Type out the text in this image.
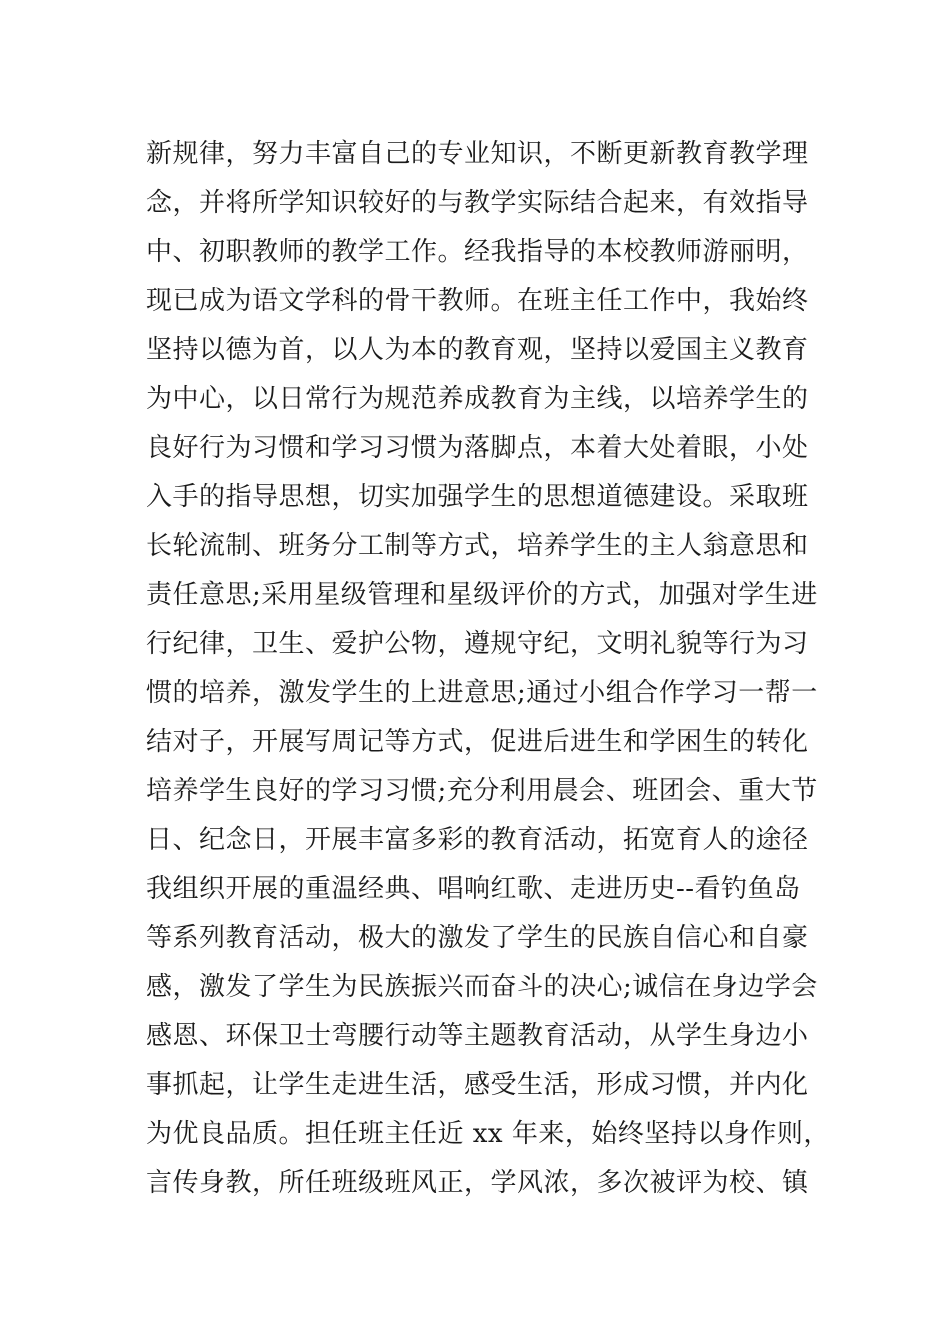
新规律，努力丰富自己的专业知识，不断更新教育教学理
念，并将所学知识较好的与教学实际结合起来，有效指导
中、初职教师的教学工作。经我指导的本校教师游丽明，
现已成为语文学科的骨干教师。在班主任工作中，我始终
坚持以德为首，以人为本的教育观，坚持以爱国主义教育
为中心，以日常行为规范养成教育为主线，以培养学生的
良好行为习惯和学习习惯为落脚点，本着大处着眼，小处
入手的指导思想，切实加强学生的思想道德建设。采取班
长轮流制、班务分工制等方式，培养学生的主人翁意思和
责任意思;采用星级管理和星级评价的方式，加强对学生进
行纪律，卫生、爱护公物，遵规守纪，文明礼貌等行为习
惯的培养，激发学生的上进意思;通过小组合作学习一帮一
结对子，开展写周记等方式，促进后进生和学困生的转化
培养学生良好的学习习惯;充分利用晨会、班团会、重大节
日、纪念日，开展丰富多彩的教育活动，拓宽育人的途径
我组织开展的重温经典、唱响红歌、走进历史--看钓鱼岛
等系列教育活动，极大的激发了学生的民族自信心和自豪
感，激发了学生为民族振兴而奋斗的决心;诚信在身边学会
感恩、环保卫士弯腰行动等主题教育活动，从学生身边小
事抓起，让学生走进生活，感受生活，形成习惯，并内化
为优良品质。担任班主任近 xx 年来，始终坚持以身作则，
言传身教，所任班级班风正，学风浓，多次被评为校、镇
